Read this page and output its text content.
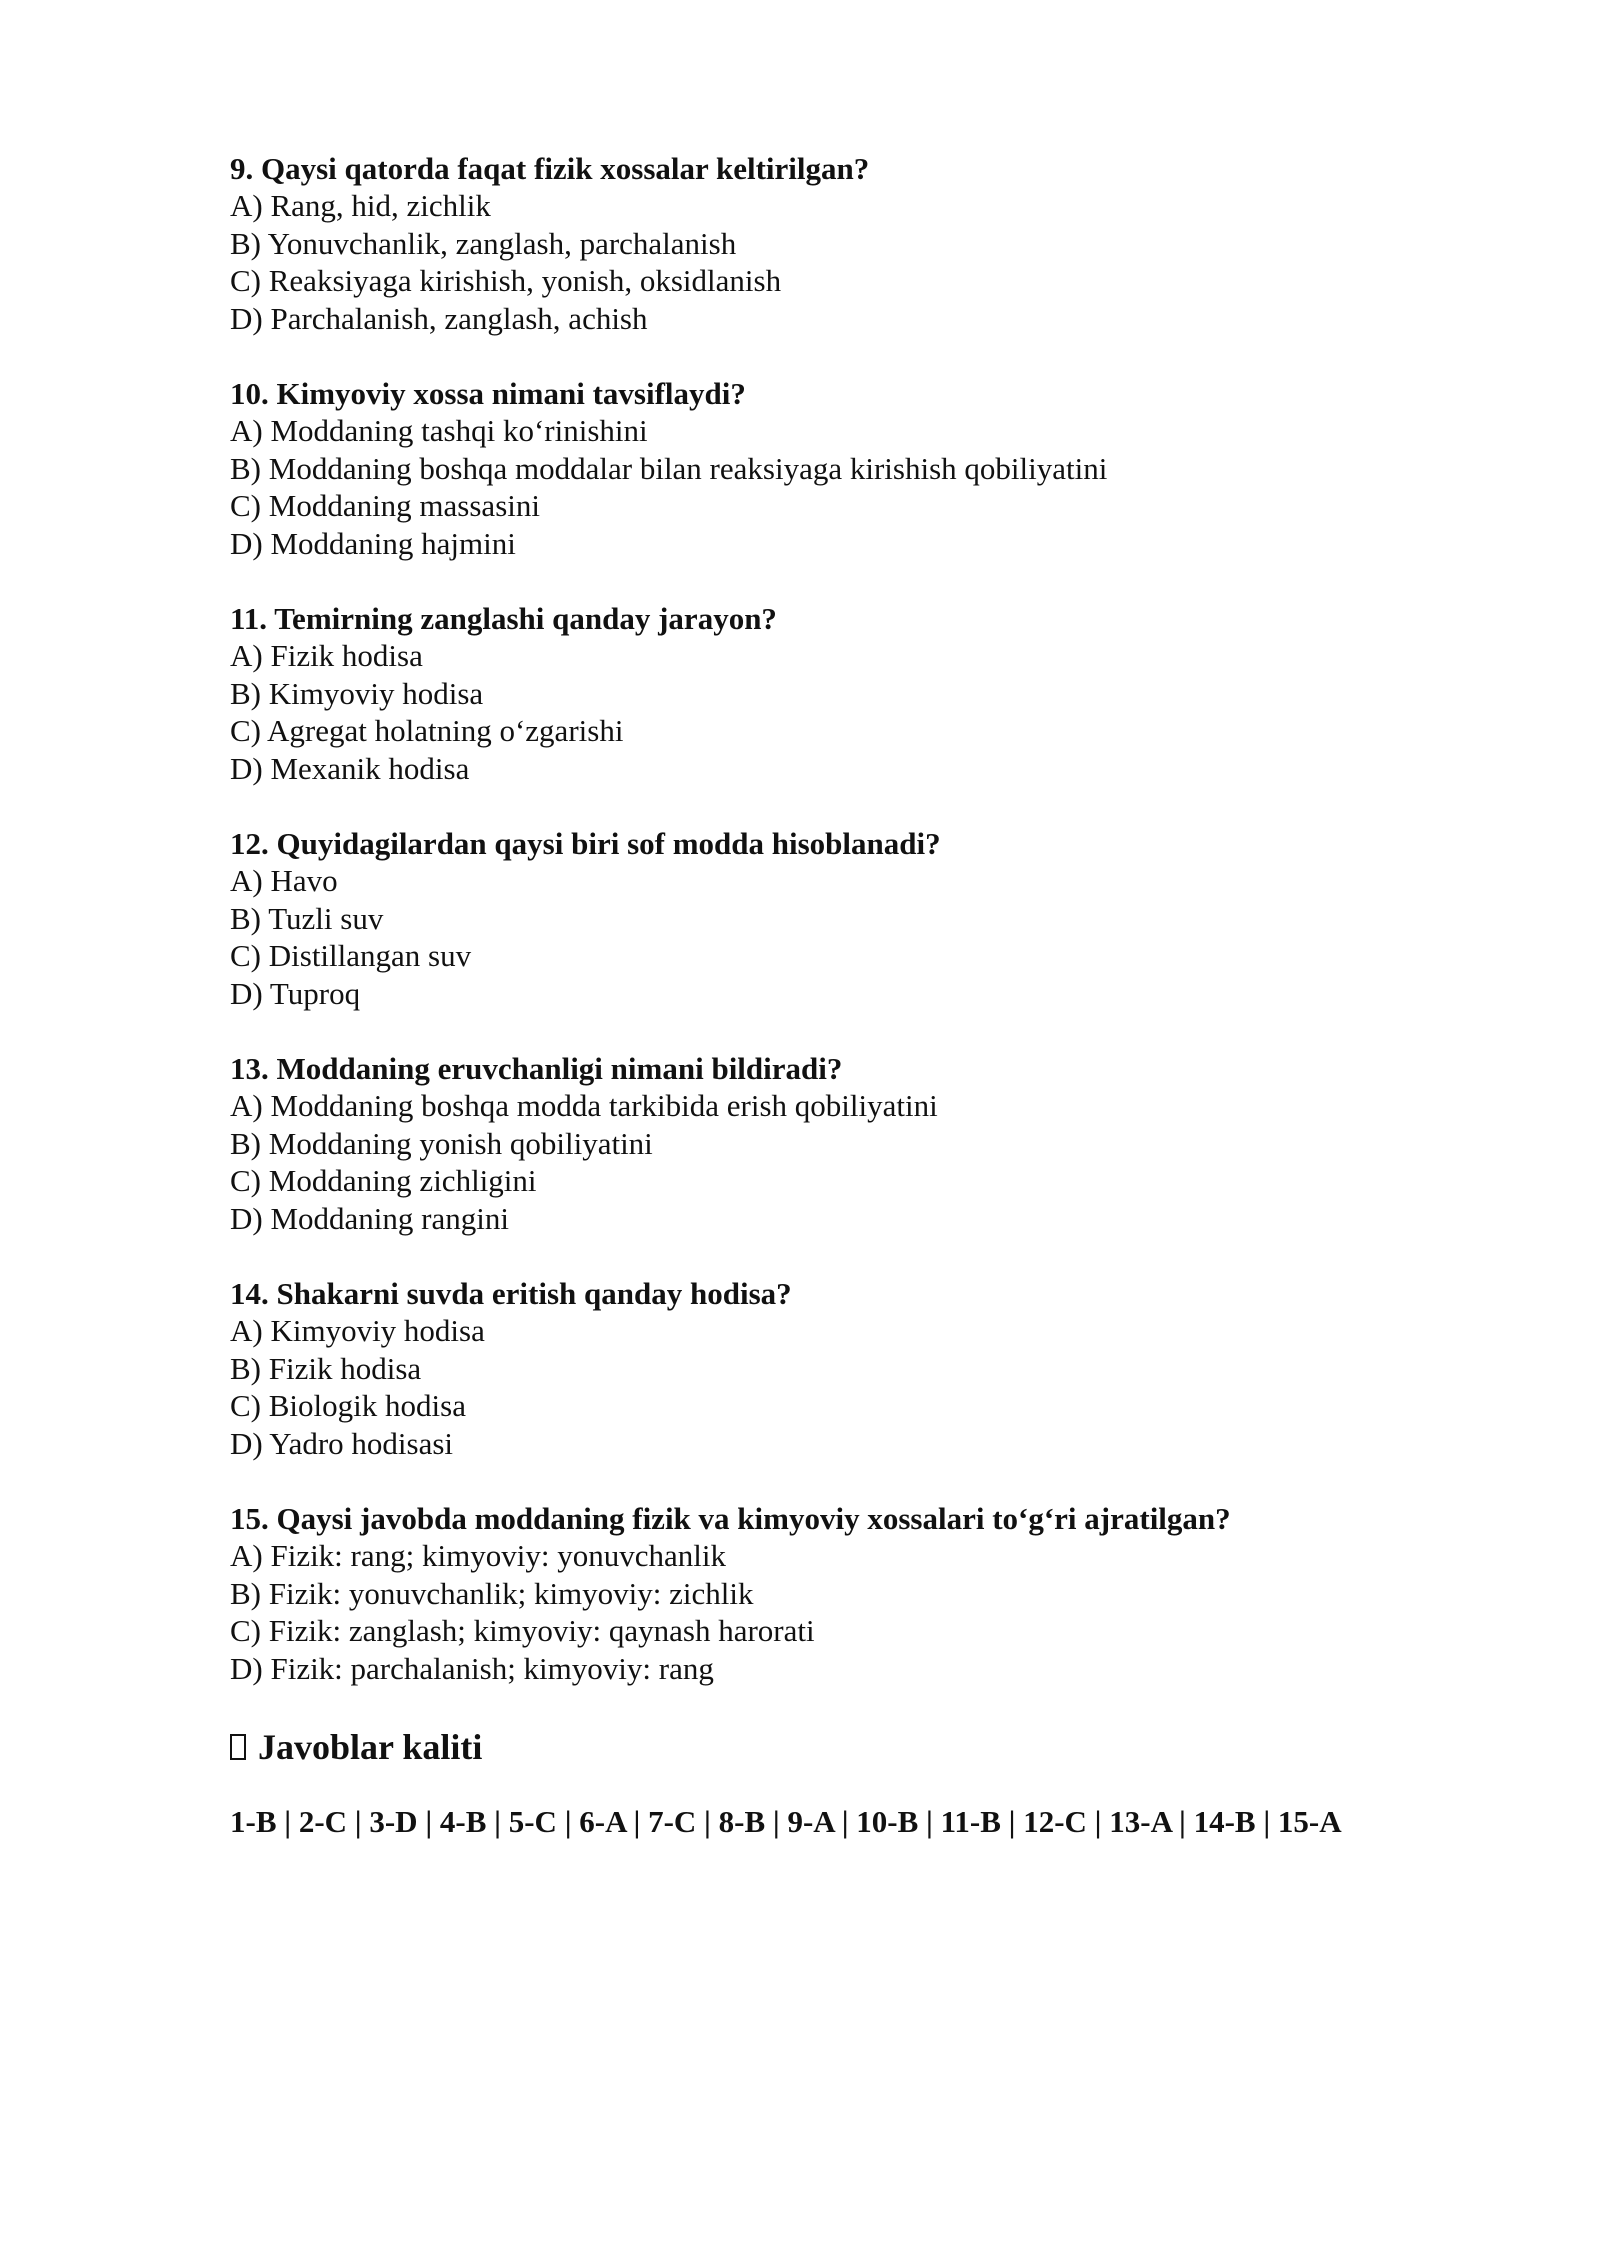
9. Qaysi qatorda faqat fizik xossalar keltirilgan?

A) Rang, hid, zichlik
B) Yonuvchanlik, zanglash, parchalanish
C) Reaksiyaga kirishish, yonish, oksidlanish
D) Parchalanish, zanglash, achish

10. Kimyoviy xossa nimani tavsiflaydi?

A) Moddaning tashqi ko‘rinishini
B) Moddaning boshqa moddalar bilan reaksiyaga kirishish qobiliyatini
C) Moddaning massasini
D) Moddaning hajmini

11. Temirning zanglashi qanday jarayon?

A) Fizik hodisa
B) Kimyoviy hodisa
C) Agregat holatning o‘zgarishi
D) Mexanik hodisa

12. Quyidagilardan qaysi biri sof modda hisoblanadi?

A) Havo
B) Tuzli suv
C) Distillangan suv
D) Tuproq

13. Moddaning eruvchanligi nimani bildiradi?

A) Moddaning boshqa modda tarkibida erish qobiliyatini
B) Moddaning yonish qobiliyatini
C) Moddaning zichligini
D) Moddaning rangini

14. Shakarni suvda eritish qanday hodisa?

A) Kimyoviy hodisa
B) Fizik hodisa
C) Biologik hodisa
D) Yadro hodisasi

15. Qaysi javobda moddaning fizik va kimyoviy xossalari to‘g‘ri ajratilgan?

A) Fizik: rang; kimyoviy: yonuvchanlik
B) Fizik: yonuvchanlik; kimyoviy: zichlik
C) Fizik: zanglash; kimyoviy: qaynash harorati
D) Fizik: parchalanish; kimyoviy: rang
Javoblar kaliti

1-B | 2-C | 3-D | 4-B | 5-C | 6-A | 7-C | 8-B | 9-A | 10-B | 11-B | 12-C | 13-A | 14-B | 15-A
